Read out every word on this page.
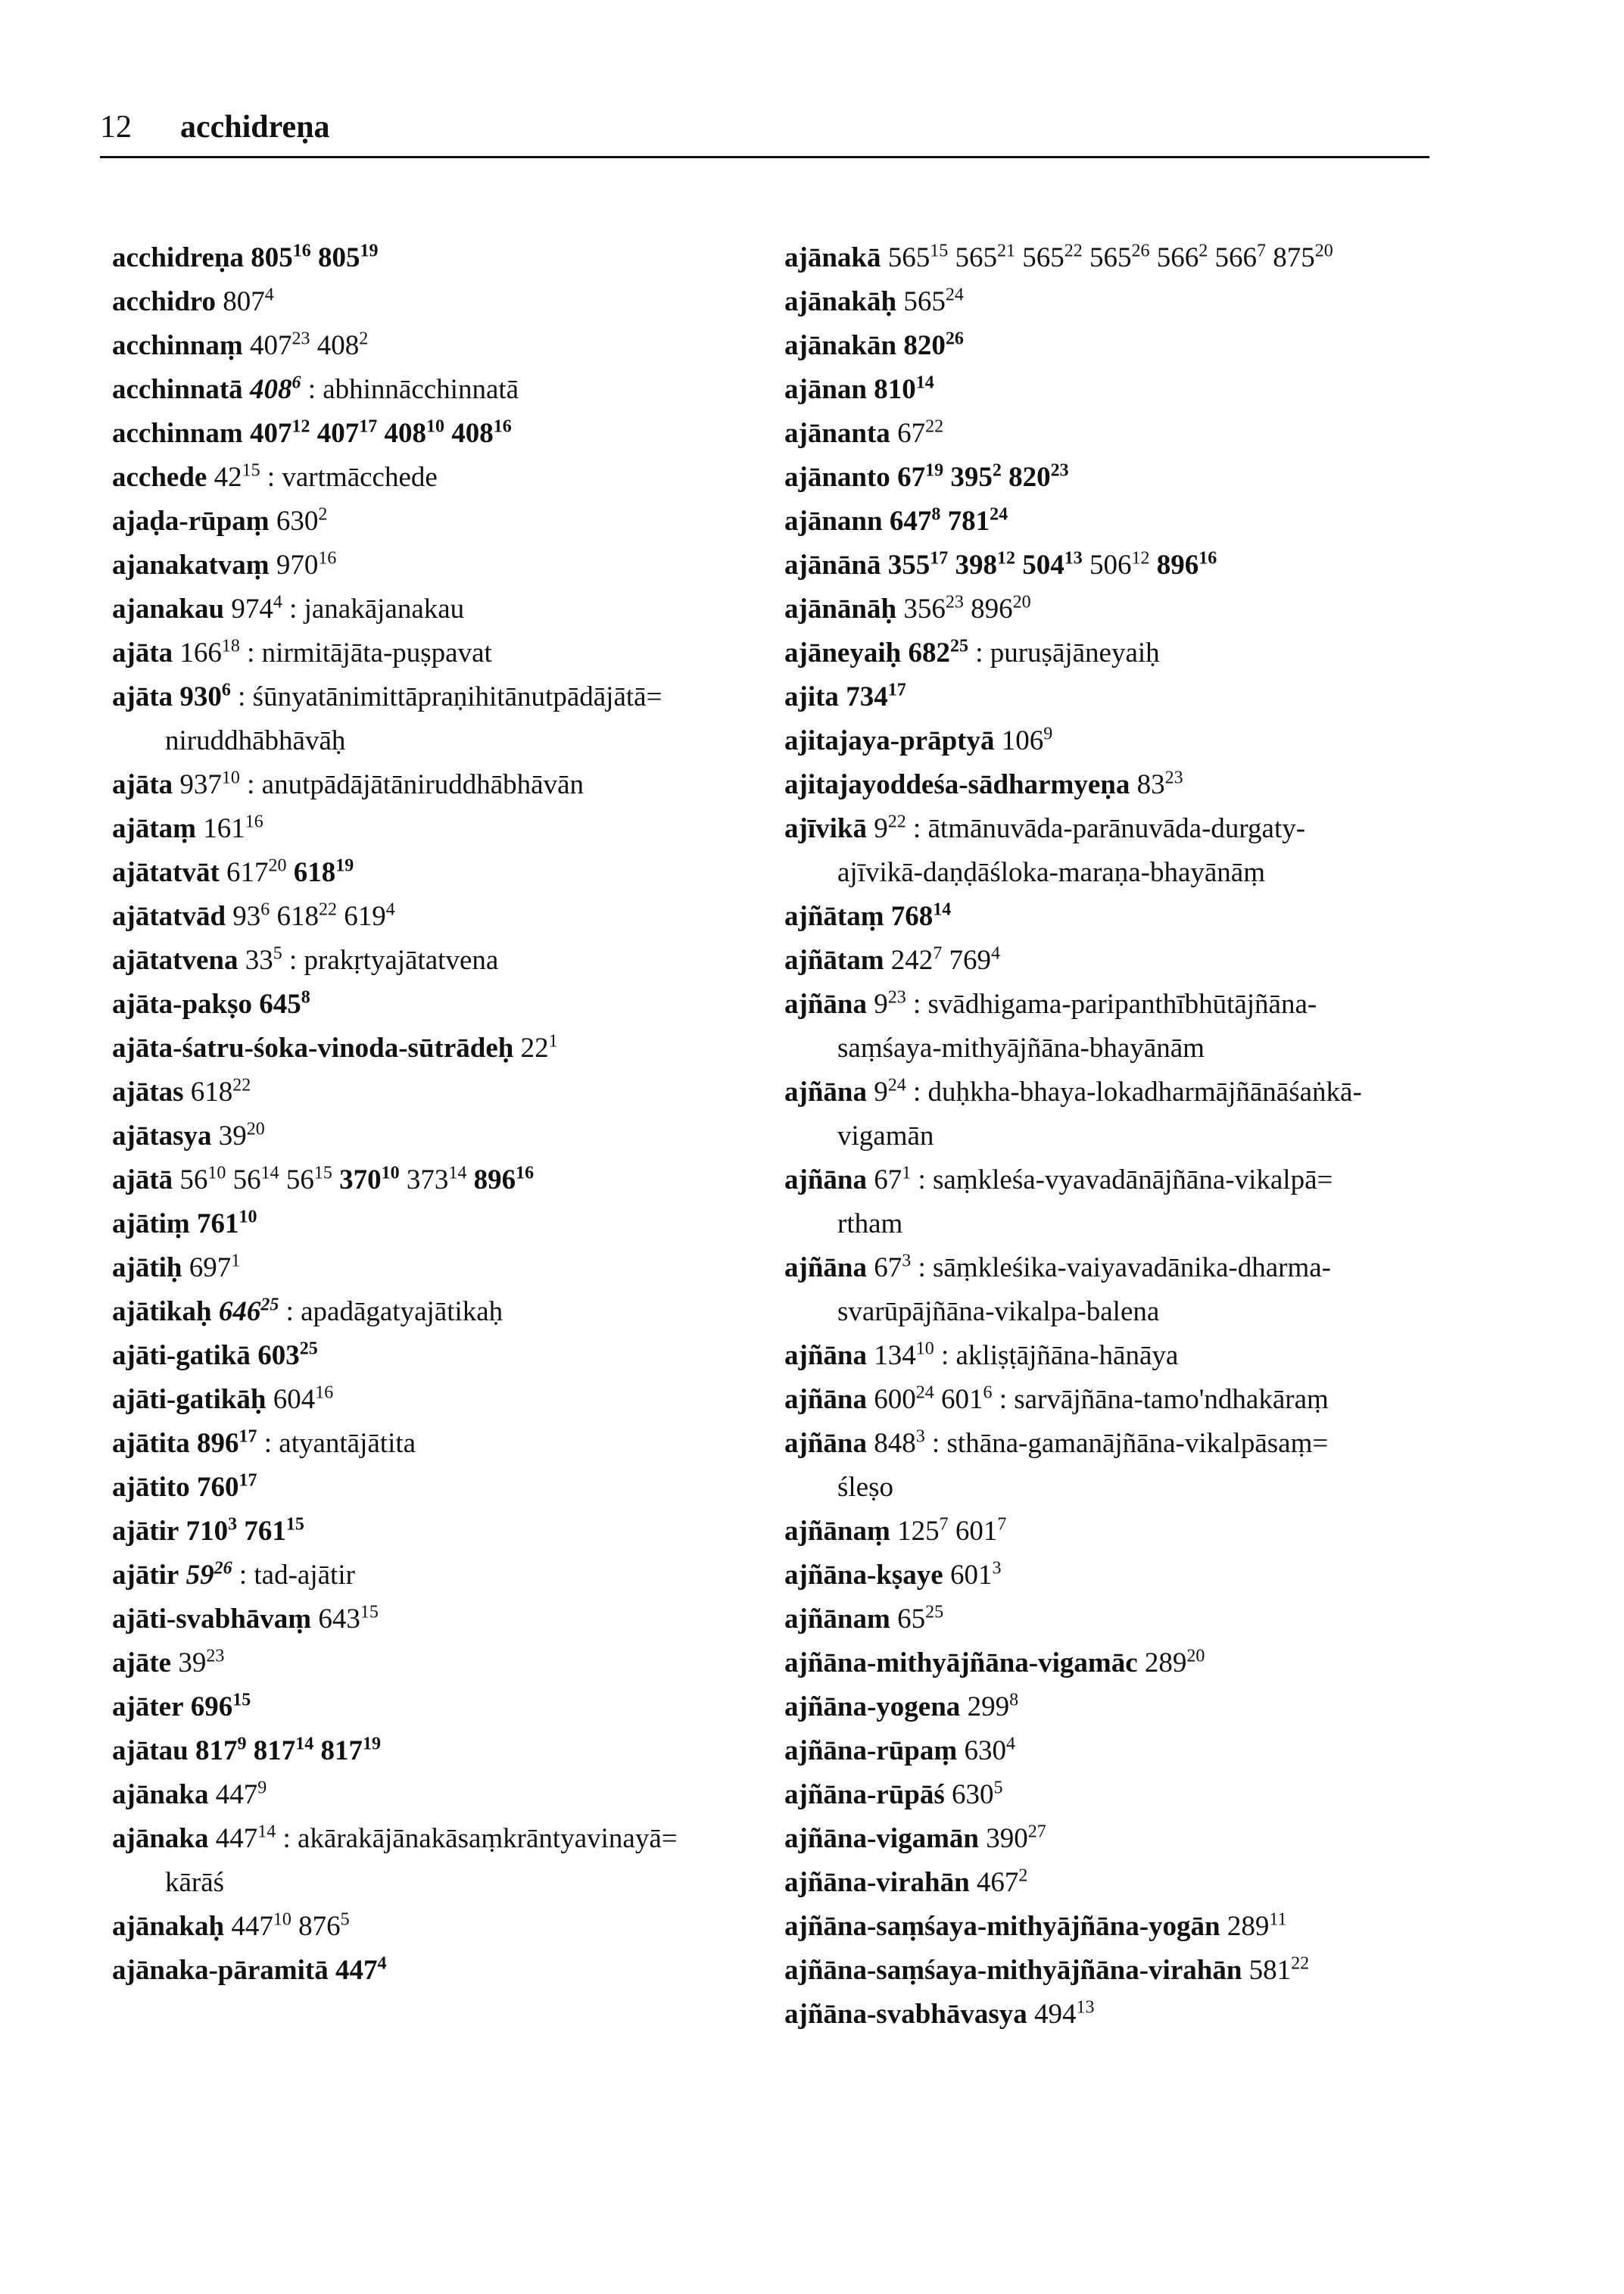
12 acchidreṇa

acchidreṇa $805^{16}$ $805^{19}$

acchidro $807^4$

acchinnaṃ $407^{23}$ $408^2$

acchinnatā $408^6$ : abhinnācchinnatā

acchinnam $407^{12}$ $407^{17}$ $408^{10}$ $408^{16}$

acchede $42^{15}$ : vartmācchede

ajaḍa-rūpaṃ $630^2$

ajanakatvaṃ $970^{16}$

ajanakau $974^4$ : janakājanakau

ajāta $166^{18}$ : nirmitājāta-puṣpavat

ajāta $930^6$ : śūnyatānimittāpraṇihitānutpādājātā=
niruddhābhāvāḥ

ajāta $937^{10}$ : anutpādājātāniruddhābhāvān

ajātaṃ $161^{16}$

ajātatvāt $617^{20}$ $618^{19}$

ajātatvād $93^6$ $618^{22}$ $619^4$

ajātatvena $33^5$ : prakṛtyajātatvena

ajāta-pakṣo $645^8$

ajāta-śatru-śoka-vinoda-sūtrādeḥ $22^1$

ajātas $618^{22}$

ajātasya $39^{20}$

ajātā $56^{10}$ $56^{14}$ $56^{15}$ $370^{10}$ $373^{14}$ $896^{16}$

ajātiṃ $761^{10}$

ajātiḥ $697^1$

ajātikaḥ $646^{25}$ : apadāgatyajātikaḥ

ajāti-gatikā $603^{25}$

ajāti-gatikāḥ $604^{16}$

ajātita $896^{17}$ : atyantājātita

ajātito $760^{17}$

ajātir $710^3$ $761^{15}$

ajātir $59^{26}$ : tad-ajātir

ajāti-svabhāvaṃ $643^{15}$

ajāte $39^{23}$

ajāter $696^{15}$

ajātau $817^9$ $817^{14}$ $817^{19}$

ajānaka $447^9$

ajānaka $447^{14}$ : akārakājānakāsaṃkrāntyavinayā=
kārāś

ajānakaḥ $447^{10}$ $876^5$

ajānaka-pāramitā $447^4$

ajānakā $565^{15}$ $565^{21}$ $565^{22}$ $565^{26}$ $566^2$ $566^7$ $875^{20}$

ajānakāḥ $565^{24}$

ajānakān $820^{26}$

ajānan $810^{14}$

ajānanta $67^{22}$

ajānanto $67^{19}$ $395^2$ $820^{23}$

ajānann $647^8$ $781^{24}$

ajānānā $355^{17}$ $398^{12}$ $504^{13}$ $506^{12}$ $896^{16}$

ajānānāḥ $356^{23}$ $896^{20}$

ajāneyaiḥ $682^{25}$ : puruṣājāneyaiḥ

ajita $734^{17}$

ajitajaya-prāptyā $106^9$

ajitajayoddeśa-sādharmyeṇa $83^{23}$

ajīvikā $9^{22}$ : ātmānuvāda-parānuvāda-durgaty-
ajīvikā-daṇḍāśloka-maraṇa-bhayānāṃ

ajñātaṃ $768^{14}$

ajñātam $242^7$ $769^4$

ajñāna $9^{23}$ : svādhigama-paripanthībhūtājñāna-
saṃśaya-mithyājñāna-bhayānām

ajñāna $9^{24}$ : duḥkha-bhaya-lokadharmājñānāśaṅkā-
vigamān

ajñāna $67^1$ : saṃkleśa-vyavadānājñāna-vikalpā=
rtham

ajñāna $67^3$ : sāṃkleśika-vaiyavadānika-dharma-
svarūpājñāna-vikalpa-balena

ajñāna $134^{10}$ : akliṣṭājñāna-hānāya

ajñāna $600^{24}$ $601^6$ : sarvājñāna-tamo'ndhakāraṃ

ajñāna $848^3$ : sthāna-gamanājñāna-vikalpāsaṃ=
śleṣo

ajñānaṃ $125^7$ $601^7$

ajñāna-kṣaye $601^3$

ajñānam $65^{25}$

ajñāna-mithyājñāna-vigamāc $289^{20}$

ajñāna-yogena $299^8$

ajñāna-rūpaṃ $630^4$

ajñāna-rūpāś $630^5$

ajñāna-vigamān $390^{27}$

ajñāna-virahān $467^2$

ajñāna-saṃśaya-mithyājñāna-yogān $289^{11}$

ajñāna-saṃśaya-mithyājñāna-virahān $581^{22}$

ajñāna-svabhāvasya $494^{13}$
